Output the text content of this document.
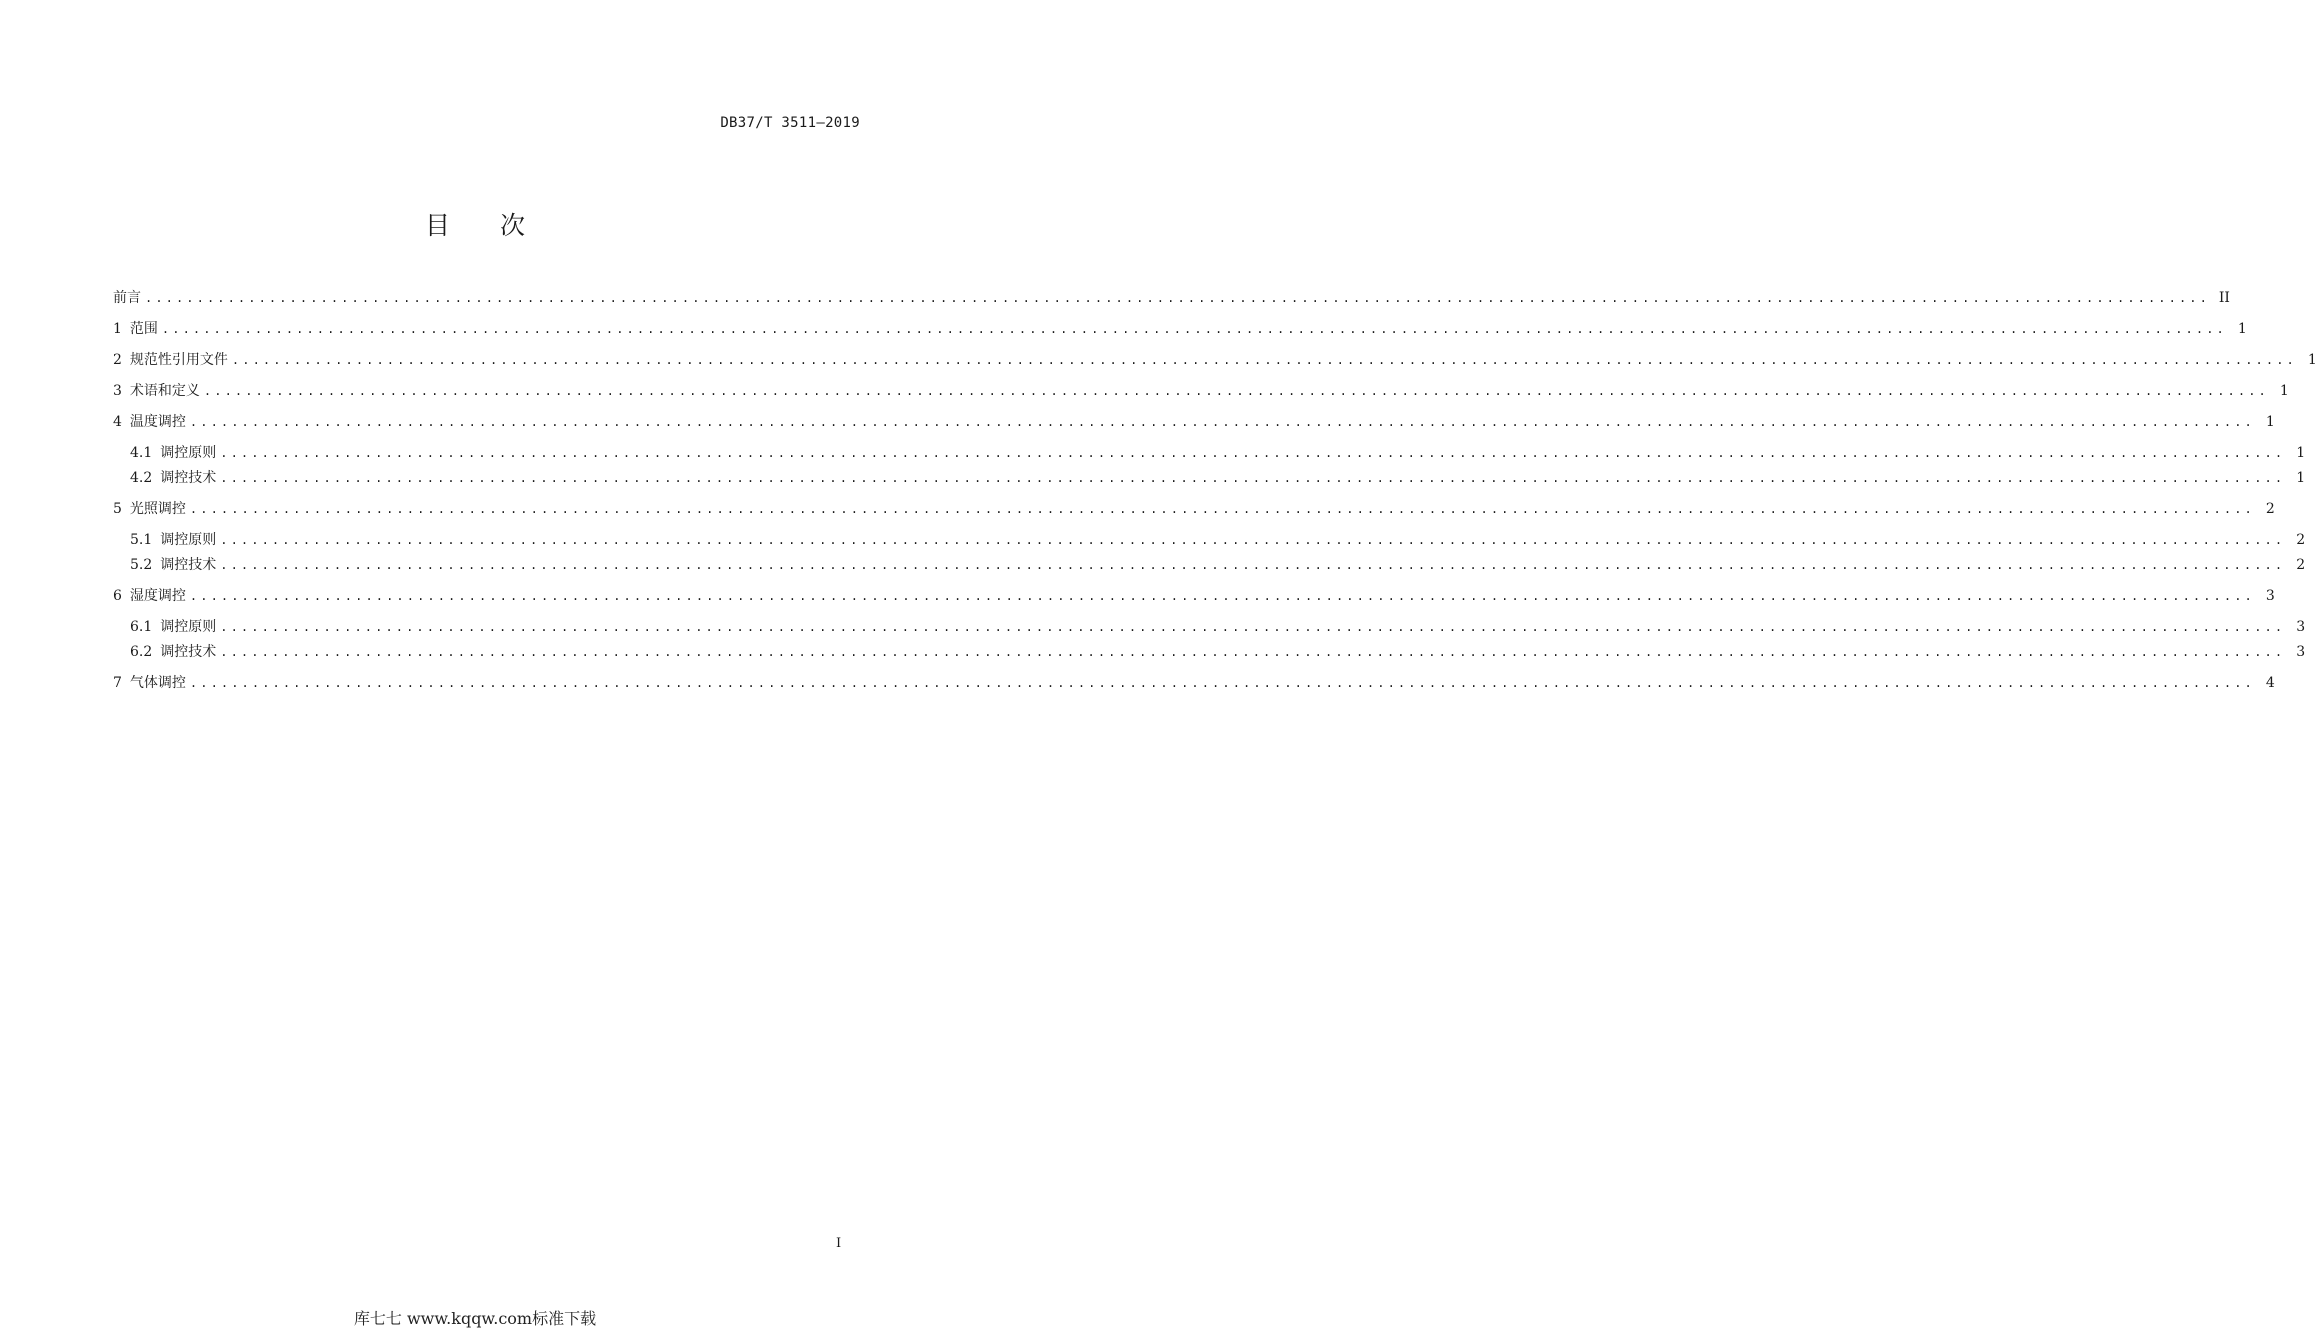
DB37/T 3511—2019
目 次
前言 ........................................................................................................................................................................................................ II
1 范围 ........................................................................................................................................................................................................ 1
2 规范性引用文件 ........................................................................................................................................................................................................ 1
3 术语和定义 ........................................................................................................................................................................................................ 1
4 温度调控 ........................................................................................................................................................................................................ 1
4.1 调控原则 ........................................................................................................................................................................................................ 1
4.2 调控技术 ........................................................................................................................................................................................................ 1
5 光照调控 ........................................................................................................................................................................................................ 2
5.1 调控原则 ........................................................................................................................................................................................................ 2
5.2 调控技术 ........................................................................................................................................................................................................ 2
6 湿度调控 ........................................................................................................................................................................................................ 3
6.1 调控原则 ........................................................................................................................................................................................................ 3
6.2 调控技术 ........................................................................................................................................................................................................ 3
7 气体调控 ........................................................................................................................................................................................................ 4
I
库七七 www.kqqw.com标准下载
